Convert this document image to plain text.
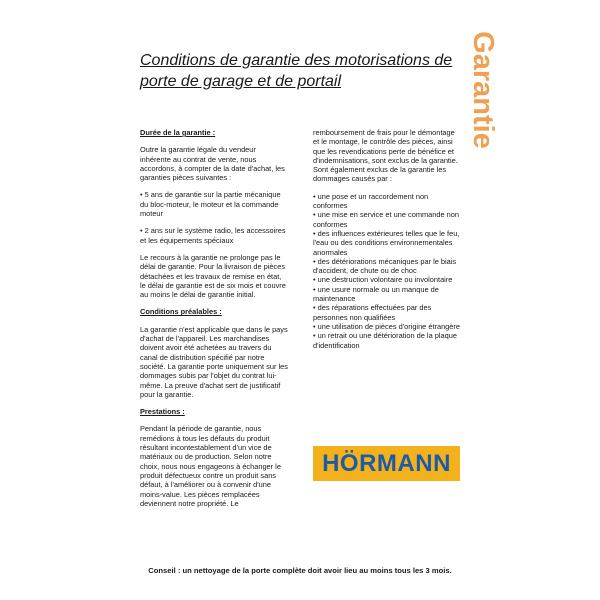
Garantie
Conditions de garantie des motorisations de porte de garage et de portail

Durée de la garantie :

Outre la garantie légale du vendeur inhérente au contrat de vente, nous accordons, à compter de la date d'achat, les garanties pièces suivantes :

• 5 ans de garantie sur la partie mécanique du bloc-moteur, le moteur et la commande moteur

• 2 ans sur le système radio, les accessoires et les équipements spéciaux

Le recours à la garantie ne prolonge pas le délai de garantie. Pour la livraison de pièces détachées et les travaux de remise en état, le délai de garantie est de six mois et couvre au moins le délai de garantie initial.

Conditions préalables :

La garantie n'est applicable que dans le pays d'achat de l'appareil. Les marchandises doivent avoir été achetées au travers du canal de distribution spécifié par notre société. La garantie porte uniquement sur les dommages subis par l'objet du contrat lui-même. La preuve d'achat sert de justificatif pour la garantie.

Prestations :

Pendant la période de garantie, nous remédions à tous les défauts du produit résultant incontestablement d'un vice de matériaux ou de production. Selon notre choix, nous nous engageons à échanger le produit défectueux contre un produit sans défaut, à l'améliorer ou à convenir d'une moins-value. Les pièces remplacées deviennent notre propriété. Le

remboursement de frais pour le démontage et le montage, le contrôle des pièces, ainsi que les revendications perte de bénéfice et d'indemnisations, sont exclus de la garantie. Sont également exclus de la garantie les dommages causés par :

• une pose et un raccordement non conformes
• une mise en service et une commande non conformes
• des influences extérieures telles que le feu, l'eau ou des conditions environnementales anormales
• des détériorations mécaniques par le biais d'accident, de chute ou de choc
• une destruction volontaire ou involontaire
• une usure normale ou un manque de maintenance
• des réparations effectuées par des personnes non qualifiées
• une utilisation de pièces d'origine étrangère
• un retrait ou une détérioration de la plaque d'identification
HÖRMANN
Conseil : un nettoyage de la porte complète doit avoir lieu au moins tous les 3 mois.
